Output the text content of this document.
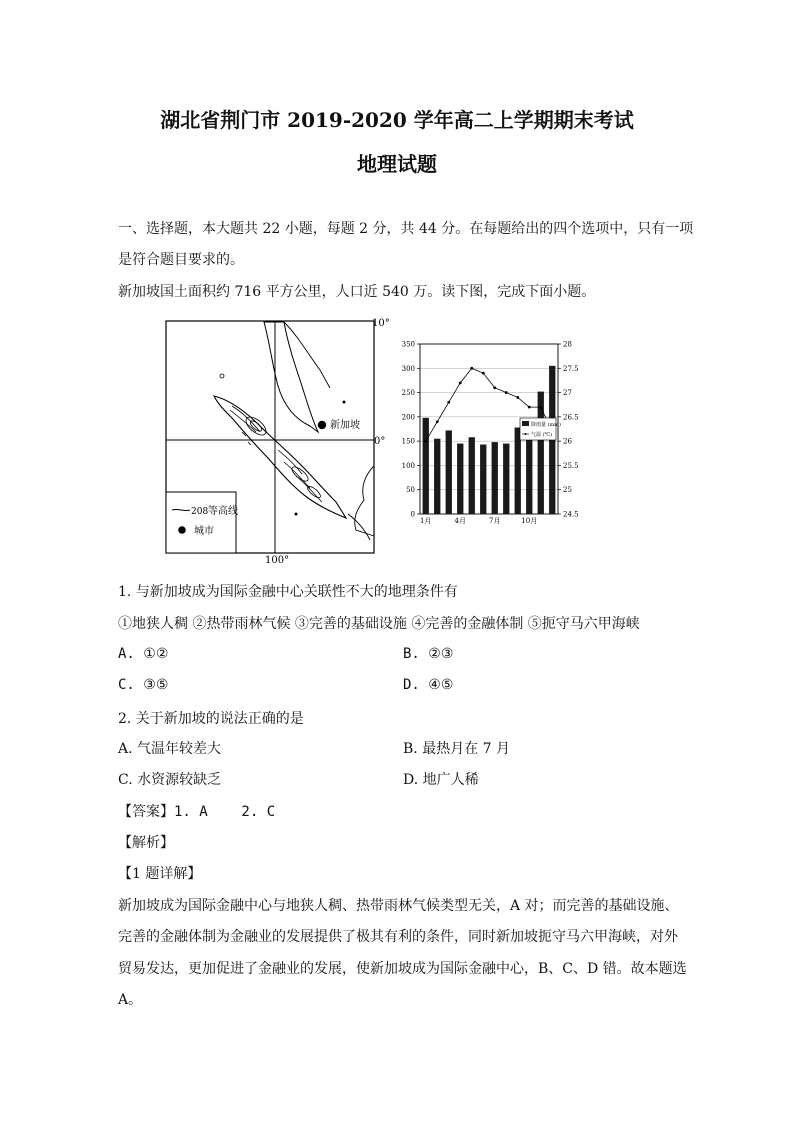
湖北省荆门市 2019-2020 学年高二上学期期末考试
地理试题
一、选择题，本大题共 22 小题，每题 2 分，共 44 分。在每题给出的四个选项中，只有一项
是符合题目要求的。
新加坡国土面积约 716 平方公里，人口近 540 万。读下图，完成下面小题。
新加坡
10°
0°
100°
208 等高线
城市
0
50
100
150
200
250
300
350
24.5
25
25.5
26
26.5
27
27.5
28
1月	4月	7月	10月
降雨量 (mm)
气温 (℃)
1. 与新加坡成为国际金融中心关联性不大的地理条件有
①地狭人稠 ②热带雨林气候 ③完善的基础设施 ④完善的金融体制 ⑤扼守马六甲海峡
A. ①②	B. ②③
C. ③⑤	D. ④⑤
2. 关于新加坡的说法正确的是
A. 气温年较差大	B. 最热月在 7 月
C. 水资源较缺乏	D. 地广人稀
【答案】1. A    2. C
【解析】
【1 题详解】
新加坡成为国际金融中心与地狭人稠、热带雨林气候类型无关，A 对；而完善的基础设施、
完善的金融体制为金融业的发展提供了极其有利的条件，同时新加坡扼守马六甲海峡，对外
贸易发达，更加促进了金融业的发展，使新加坡成为国际金融中心，B、C、D 错。故本题选
A。
